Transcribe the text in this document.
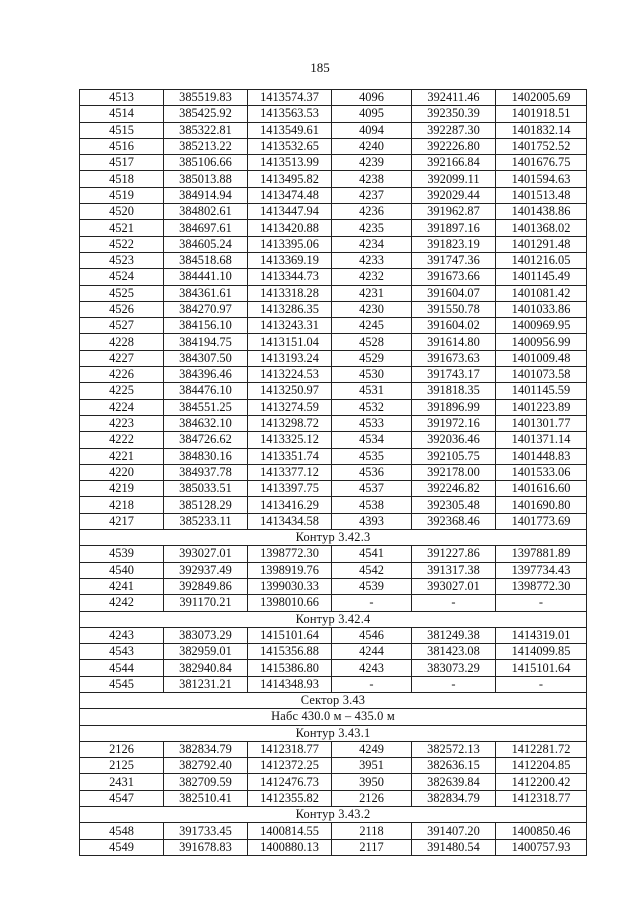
185
4513	385519.83	1413574.37	4096	392411.46	1402005.69
4514	385425.92	1413563.53	4095	392350.39	1401918.51
4515	385322.81	1413549.61	4094	392287.30	1401832.14
4516	385213.22	1413532.65	4240	392226.80	1401752.52
4517	385106.66	1413513.99	4239	392166.84	1401676.75
4518	385013.88	1413495.82	4238	392099.11	1401594.63
4519	384914.94	1413474.48	4237	392029.44	1401513.48
4520	384802.61	1413447.94	4236	391962.87	1401438.86
4521	384697.61	1413420.88	4235	391897.16	1401368.02
4522	384605.24	1413395.06	4234	391823.19	1401291.48
4523	384518.68	1413369.19	4233	391747.36	1401216.05
4524	384441.10	1413344.73	4232	391673.66	1401145.49
4525	384361.61	1413318.28	4231	391604.07	1401081.42
4526	384270.97	1413286.35	4230	391550.78	1401033.86
4527	384156.10	1413243.31	4245	391604.02	1400969.95
4228	384194.75	1413151.04	4528	391614.80	1400956.99
4227	384307.50	1413193.24	4529	391673.63	1401009.48
4226	384396.46	1413224.53	4530	391743.17	1401073.58
4225	384476.10	1413250.97	4531	391818.35	1401145.59
4224	384551.25	1413274.59	4532	391896.99	1401223.89
4223	384632.10	1413298.72	4533	391972.16	1401301.77
4222	384726.62	1413325.12	4534	392036.46	1401371.14
4221	384830.16	1413351.74	4535	392105.75	1401448.83
4220	384937.78	1413377.12	4536	392178.00	1401533.06
4219	385033.51	1413397.75	4537	392246.82	1401616.60
4218	385128.29	1413416.29	4538	392305.48	1401690.80
4217	385233.11	1413434.58	4393	392368.46	1401773.69
Контур 3.42.3					
4539	393027.01	1398772.30	4541	391227.86	1397881.89
4540	392937.49	1398919.76	4542	391317.38	1397734.43
4241	392849.86	1399030.33	4539	393027.01	1398772.30
4242	391170.21	1398010.66	-	-	-
Контур 3.42.4					
4243	383073.29	1415101.64	4546	381249.38	1414319.01
4543	382959.01	1415356.88	4244	381423.08	1414099.85
4544	382940.84	1415386.80	4243	383073.29	1415101.64
4545	381231.21	1414348.93	-	-	-
Сектор 3.43					
Набс 430.0 м – 435.0 м					
Контур 3.43.1					
2126	382834.79	1412318.77	4249	382572.13	1412281.72
2125	382792.40	1412372.25	3951	382636.15	1412204.85
2431	382709.59	1412476.73	3950	382639.84	1412200.42
4547	382510.41	1412355.82	2126	382834.79	1412318.77
Контур 3.43.2					
4548	391733.45	1400814.55	2118	391407.20	1400850.46
4549	391678.83	1400880.13	2117	391480.54	1400757.93
